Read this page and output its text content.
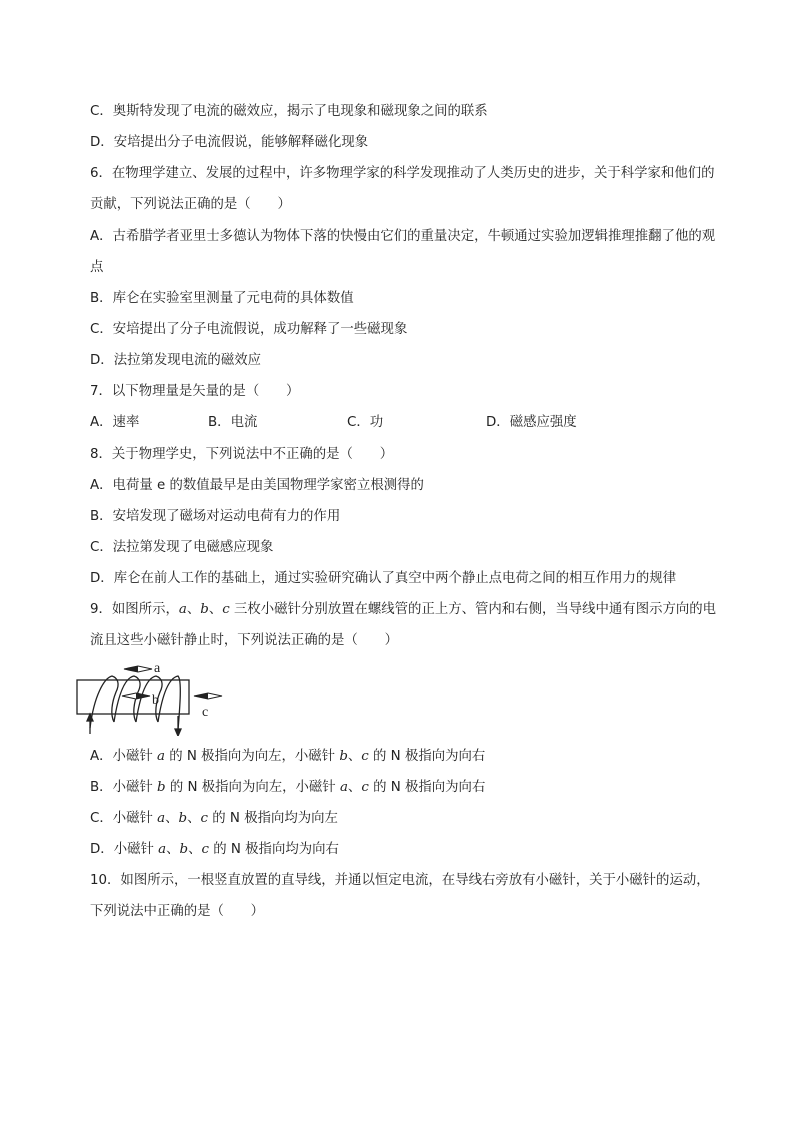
C．奥斯特发现了电流的磁效应，揭示了电现象和磁现象之间的联系
D．安培提出分子电流假说，能够解释磁化现象
6．在物理学建立、发展的过程中，许多物理学家的科学发现推动了人类历史的进步，关于科学家和他们的
贡献，下列说法正确的是（　　）
A．古希腊学者亚里士多德认为物体下落的快慢由它们的重量决定，牛顿通过实验加逻辑推理推翻了他的观
点
B．库仑在实验室里测量了元电荷的具体数值
C．安培提出了分子电流假说，成功解释了一些磁现象
D．法拉第发现电流的磁效应
7．以下物理量是矢量的是（　　）
A．速率	B．电流	C．功	D．磁感应强度
8．关于物理学史，下列说法中不正确的是（　　）
A．电荷量 e 的数值最早是由美国物理学家密立根测得的
B．安培发现了磁场对运动电荷有力的作用
C．法拉第发现了电磁感应现象
D．库仑在前人工作的基础上，通过实验研究确认了真空中两个静止点电荷之间的相互作用力的规律
9．如图所示，a、b、c 三枚小磁针分别放置在螺线管的正上方、管内和右侧，当导线中通有图示方向的电
流且这些小磁针静止时，下列说法正确的是（　　）
a
b
c
A．小磁针 a 的 N 极指向为向左，小磁针 b、c 的 N 极指向为向右
B．小磁针 b 的 N 极指向为向左，小磁针 a、c 的 N 极指向为向右
C．小磁针 a、b、c 的 N 极指向均为向左
D．小磁针 a、b、c 的 N 极指向均为向右
10．如图所示，一根竖直放置的直导线，并通以恒定电流，在导线右旁放有小磁针，关于小磁针的运动，
下列说法中正确的是（　　）
